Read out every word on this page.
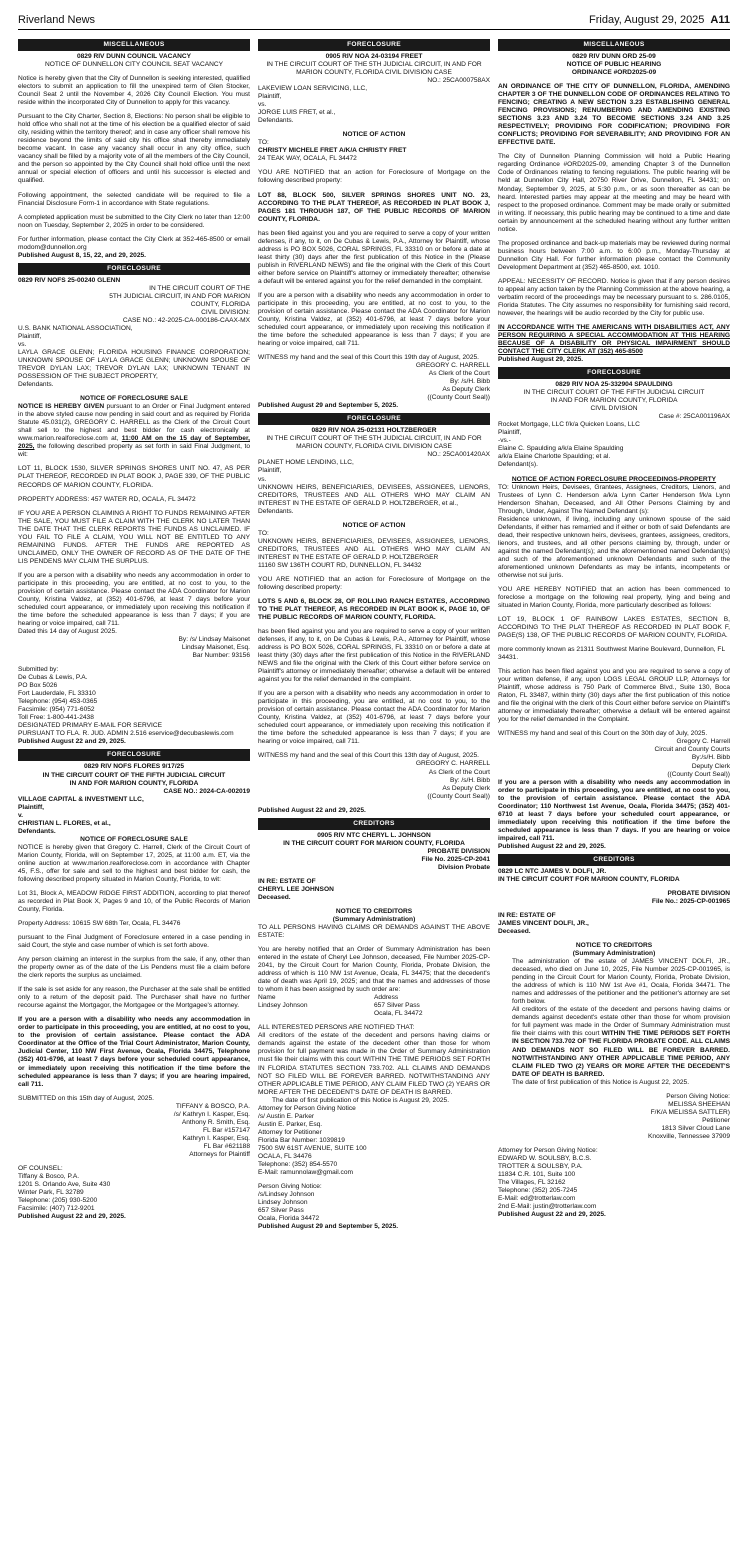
Riverland News	Friday, August 29, 2025 A11
MISCELLANEOUS
0829 RIV DUNN COUNCIL VACANCY
NOTICE OF DUNNELLON CITY COUNCIL SEAT VACANCY

Notice is hereby given that the City of Dunnellon is seeking interested, qualified electors to submit an application to fill the unexpired term of Glen Stocker, Council Seat 2 until the November 4, 2026 City Council Election. You must reside within the incorporated City of Dunnellon to apply for this vacancy.

Pursuant to the City Charter, Section 8, Elections: No person shall be eligible to hold office who shall not at the time of his election be a qualified elector of said city, residing within the territory thereof; and in case any officer shall remove his residence beyond the limits of said city his office shall thereby immediately become vacant. In case any vacancy shall occur in any city office, such vacancy shall be filled by a majority vote of all the members of the City Council, and the person so appointed by the City Council shall hold office until the next annual or special election of officers and until his successor is elected and qualified.

Following appointment, the selected candidate will be required to file a Financial Disclosure Form-1 in accordance with State regulations.

A completed application must be submitted to the City Clerk no later than 12:00 noon on Tuesday, September 2, 2025 in order to be considered.

For further information, please contact the City Clerk at 352-465-8500 or email modom@dunnellon.org
Published August 8, 15, 22, and 29, 2025.
FORECLOSURE
0829 RIV NOFS 25-00240 GLENN
IN THE CIRCUIT COURT OF THE
5TH JUDICIAL CIRCUIT, IN AND FOR MARION
COUNTY, FLORIDA
CIVIL DIVISION:
CASE NO.: 42-2025-CA-000186-CAAX-MX
U.S. BANK NATIONAL ASSOCIATION,
Plaintiff,
vs.
LAYLA GRACE GLENN; FLORIDA HOUSING FINANCE CORPORATION; UNKNOWN SPOUSE OF LAYLA GRACE GLENN; UNKNOWN SPOUSE OF TREVOR DYLAN LAX; TREVOR DYLAN LAX; UNKNOWN TENANT IN POSSESSION OF THE SUBJECT PROPERTY,
Defendants.
NOTICE OF FORECLOSURE SALE

NOTICE IS HEREBY GIVEN pursuant to an Order or Final Judgment entered in the above styled cause now pending in said court and as required by Florida Statute 45.031(2), GREGORY C. HARRELL as the Clerk of the Circuit Court shall sell to the highest and best bidder for cash electronically at www.marion.realforeclose.com at, 11:00 AM on the 15 day of September, 2025, the following described property as set forth in said Final Judgment, to wit:

LOT 11, BLOCK 1530, SILVER SPRINGS SHORES UNIT NO. 47, AS PER PLAT THEREOF, RECORDED IN PLAT BOOK J, PAGE 339, OF THE PUBLIC RECORDS OF MARION COUNTY, FLORIDA.

PROPERTY ADDRESS: 457 WATER RD, OCALA, FL 34472

IF YOU ARE A PERSON CLAIMING A RIGHT TO FUNDS REMAINING AFTER THE SALE, YOU MUST FILE A CLAIM WITH THE CLERK NO LATER THAN THE DATE THAT THE CLERK REPORTS THE FUNDS AS UNCLAIMED. IF YOU FAIL TO FILE A CLAIM, YOU WILL NOT BE ENTITLED TO ANY REMAINING FUNDS. AFTER THE FUNDS ARE REPORTED AS UNCLAIMED, ONLY THE OWNER OF RECORD AS OF THE DATE OF THE LIS PENDENS MAY CLAIM THE SURPLUS.

If you are a person with a disability who needs any accommodation in order to participate in this proceeding, you are entitled, at no cost to you, to the provision of certain assistance. Please contact the ADA Coordinator for Marion County, Kristina Valdez, at (352) 401-6796, at least 7 days before your scheduled court appearance, or immediately upon receiving this notification if the time before the scheduled appearance is less than 7 days; if you are hearing or voice impaired, call 711.
Dated this 14 day of August 2025.
By: /s/ Lindsay Maisonet
Lindsay Maisonet, Esq.
Bar Number: 93156
Submitted by:
De Cubas & Lewis, P.A.
PO Box 5026
Fort Lauderdale, FL 33310
Telephone: (954) 453-0365
Facsimile: (954) 771-6052
Toll Free: 1-800-441-2438
DESIGNATED PRIMARY E-MAIL FOR SERVICE
PURSUANT TO FLA. R. JUD. ADMIN 2.516 eservice@decubaslewis.com
Published August 22 and 29, 2025.
FORECLOSURE
0829 RIV NOFS FLORES 9/17/25
IN THE CIRCUIT COURT OF THE FIFTH JUDICIAL CIRCUIT
IN AND FOR MARION COUNTY, FLORIDA
CASE NO.: 2024-CA-002019
VILLAGE CAPITAL & INVESTMENT LLC,
Plaintiff,
v.
CHRISTIAN L. FLORES, et al.,
Defendants.
NOTICE OF FORECLOSURE SALE

NOTICE is hereby given that Gregory C. Harrell, Clerk of the Circuit Court of Marion County, Florida, will on September 17, 2025, at 11:00 a.m. ET, via the online auction at www.marion.realforeclose.com in accordance with Chapter 45, F.S., offer for sale and sell to the highest and best bidder for cash, the following described property situated in Marion County, Florida, to wit:

Lot 31, Block A, MEADOW RIDGE FIRST ADDITION, according to plat thereof as recorded in Plat Book X, Pages 9 and 10, of the Public Records of Marion County, Florida.

Property Address: 10615 SW 68th Ter, Ocala, FL 34476

pursuant to the Final Judgment of Foreclosure entered in a case pending in said Court, the style and case number of which is set forth above.

Any person claiming an interest in the surplus from the sale, if any, other than the property owner as of the date of the Lis Pendens must file a claim before the clerk reports the surplus as unclaimed.

If the sale is set aside for any reason, the Purchaser at the sale shall be entitled only to a return of the deposit paid. The Purchaser shall have no further recourse against the Mortgagor, the Mortgagee or the Mortgagee's attorney.

If you are a person with a disability who needs any accommodation in order to participate in this proceeding, you are entitled, at no cost to you, to the provision of certain assistance. Please contact the ADA Coordinator at the Office of the Trial Court Administrator, Marion County, Judicial Center, 110 NW First Avenue, Ocala, Florida 34475, Telephone (352) 401-6796, at least 7 days before your scheduled court appearance, or immediately upon receiving this notification if the time before the scheduled appearance is less than 7 days; if you are hearing impaired, call 711.

SUBMITTED on this 15th day of August, 2025.
TIFFANY & BOSCO, P.A.
/s/ Kathryn I. Kasper, Esq.
Anthony R. Smith, Esq.
FL Bar #157147
Kathryn I. Kasper, Esq.
FL Bar #621188
Attorneys for Plaintiff
OF COUNSEL:
Tiffany & Bosco, P.A.
1201 S. Orlando Ave, Suite 430
Winter Park, FL 32789
Telephone: (205) 930-5200
Facsimile: (407) 712-9201
Published August 22 and 29, 2025.
FORECLOSURE
0905 RIV NOA 24-03194 FREET
IN THE CIRCUIT COURT OF THE 5TH JUDICIAL CIRCUIT, IN AND FOR MARION COUNTY, FLORIDA CIVIL DIVISION CASE
NO.: 25CA000758AX
LAKEVIEW LOAN SERVICING, LLC,
Plaintiff,
vs.
JORGE LUIS FRET, et al.,
Defendants.
NOTICE OF ACTION
TO:
CHRISTY MICHELE FRET A/K/A CHRISTY FRET

24 TEAK WAY, OCALA, FL 34472

YOU ARE NOTIFIED that an action for Foreclosure of Mortgage on the following described property:

LOT 88, BLOCK 500, SILVER SPRINGS SHORES UNIT NO. 23, ACCORDING TO THE PLAT THEREOF, AS RECORDED IN PLAT BOOK J, PAGES 181 THROUGH 187, OF THE PUBLIC RECORDS OF MARION COUNTY, FLORIDA.

has been filed against you and you are required to serve a copy of your written defenses, if any, to it, on De Cubas & Lewis, P.A., Attorney for Plaintiff, whose address is PO BOX 5026, CORAL SPRINGS, FL 33310 on or before a date at least thirty (30) days after the first publication of this Notice in the (Please publish in RIVERLAND NEWS) and file the original with the Clerk of this Court either before service on Plaintiff's attorney or immediately thereafter; otherwise a default will be entered against you for the relief demanded in the complaint.

If you are a person with a disability who needs any accommodation in order to participate in this proceeding, you are entitled, at no cost to you, to the provision of certain assistance. Please contact the ADA Coordinator for Marion County, Kristina Valdez, at (352) 401-6796, at least 7 days before your scheduled court appearance, or immediately upon receiving this notification if the time before the scheduled appearance is less than 7 days; if you are hearing or voice impaired, call 711.

WITNESS my hand and the seal of this Court this 19th day of August, 2025.
GREGORY C. HARRELL
As Clerk of the Court
By: /s/H. Bibb
As Deputy Clerk
((County Court Seal))
Published August 29 and September 5, 2025.
FORECLOSURE
0829 RIV NOA 25-02131 HOLTZBERGER
IN THE CIRCUIT COURT OF THE 5TH JUDICIAL CIRCUIT, IN AND FOR MARION COUNTY, FLORIDA CIVIL DIVISION CASE
NO.: 25CA001420AX
PLANET HOME LENDING, LLC,
Plaintiff,
vs.
UNKNOWN HEIRS, BENEFICIARIES, DEVISEES, ASSIGNEES, LIENORS, CREDITORS, TRUSTEES AND ALL OTHERS WHO MAY CLAIM AN INTEREST IN THE ESTATE OF GERALD P. HOLTZBERGER, et al.,
Defendants.
NOTICE OF ACTION
TO:
UNKNOWN HEIRS, BENEFICIARIES, DEVISEES, ASSIGNEES, LIENORS, CREDITORS, TRUSTEES AND ALL OTHERS WHO MAY CLAIM AN INTEREST IN THE ESTATE OF GERALD P. HOLTZBERGER

11160 SW 136TH COURT RD, DUNNELLON, FL 34432

YOU ARE NOTIFIED that an action for Foreclosure of Mortgage on the following described property:

LOTS 5 AND 6, BLOCK 28, OF ROLLING RANCH ESTATES, ACCORDING TO THE PLAT THEREOF, AS RECORDED IN PLAT BOOK K, PAGE 10, OF THE PUBLIC RECORDS OF MARION COUNTY, FLORIDA.

has been filed against you and you are required to serve a copy of your written defenses, if any, to it, on De Cubas & Lewis, P.A., Attorney for Plaintiff, whose address is PO BOX 5026, CORAL SPRINGS, FL 33310 on or before a date at least thirty (30) days after the first publication of this Notice in the RIVERLAND NEWS and file the original with the Clerk of this Court either before service on Plaintiff's attorney or immediately thereafter; otherwise a default will be entered against you for the relief demanded in the complaint.

If you are a person with a disability who needs any accommodation in order to participate in this proceeding, you are entitled, at no cost to you, to the provision of certain assistance. Please contact the ADA Coordinator for Marion County, Kristina Valdez, at (352) 401-6796, at least 7 days before your scheduled court appearance, or immediately upon receiving this notification if the time before the scheduled appearance is less than 7 days; if you are hearing or voice impaired, call 711.

WITNESS my hand and the seal of this Court this 13th day of August, 2025.
GREGORY C. HARRELL
As Clerk of the Court
By: /s/H. Bibb
As Deputy Clerk
((County Court Seal))
Published August 22 and 29, 2025.
CREDITORS
0905 RIV NTC CHERYL L. JOHNSON
IN THE CIRCUIT COURT FOR MARION COUNTY, FLORIDA
PROBATE DIVISION
File No. 2025-CP-2041
Division Probate
IN RE: ESTATE OF
CHERYL LEE JOHNSON
Deceased.
NOTICE TO CREDITORS
(Summary Administration)

TO ALL PERSONS HAVING CLAIMS OR DEMANDS AGAINST THE ABOVE ESTATE:

You are hereby notified that an Order of Summary Administration has been entered in the estate of Cheryl Lee Johnson, deceased, File Number 2025-CP-2041, by the Circuit Court for Marion County, Florida, Probate Division, the address of which is 110 NW 1st Avenue, Ocala, FL 34475; that the decedent's date of death was April 19, 2025; and that the names and addresses of those to whom it has been assigned by such order are:
Name	Address
Lindsey Johnson	657 Silver Pass
Ocala, FL 34472
ALL INTERESTED PERSONS ARE NOTIFIED THAT:
All creditors of the estate of the decedent and persons having claims or demands against the estate of the decedent other than those for whom provision for full payment was made in the Order of Summary Administration must file their claims with this court WITHIN THE TIME PERIODS SET FORTH IN FLORIDA STATUTES SECTION 733.702. ALL CLAIMS AND DEMANDS NOT SO FILED WILL BE FOREVER BARRED. NOTWITHSTANDING ANY OTHER APPLICABLE TIME PERIOD, ANY CLAIM FILED TWO (2) YEARS OR MORE AFTER THE DECEDENT'S DATE OF DEATH IS BARRED.
The date of first publication of this Notice is August 29, 2025.
Attorney for Person Giving Notice
/s/ Austin E. Parker
Austin E. Parker, Esq.
Attorney for Petitioner
Florida Bar Number: 1039819
7500 SW 61ST AVENUE, SUITE 100
OCALA, FL 34476
Telephone: (352) 854-5570
E-Mail: ramunnolaw@gmail.com
Person Giving Notice:
/s/Lindsey Johnson
Lindsey Johnson
657 Silver Pass
Ocala, Florida 34472
Published August 29 and September 5, 2025.
MISCELLANEOUS
0829 RIV DUNN ORD 25-09
NOTICE OF PUBLIC HEARING
ORDINANCE #ORD2025-09

AN ORDINANCE OF THE CITY OF DUNNELLON, FLORIDA, AMENDING CHAPTER 3 OF THE DUNNELLON CODE OF ORDINANCES RELATING TO FENCING; CREATING A NEW SECTION 3.23 ESTABLISHING GENERAL FENCING PROVISIONS; RENUMBERING AND AMENDING EXISTING SECTIONS 3.23 AND 3.24 TO BECOME SECTIONS 3.24 AND 3.25 RESPECTIVELY; PROVIDING FOR CODIFICATION; PROVIDING FOR CONFLICTS; PROVIDING FOR SEVERABILITY; AND PROVIDING FOR AN EFFECTIVE DATE.

The City of Dunnellon Planning Commission will hold a Public Hearing regarding Ordinance #ORD2025-09, amending Chapter 3 of the Dunnellon Code of Ordinances relating to fencing regulations. The public hearing will be held at Dunnellon City Hall, 20750 River Drive, Dunnellon, FL 34431; on Monday, September 9, 2025, at 5:30 p.m., or as soon thereafter as can be heard. Interested parties may appear at the meeting and may be heard with respect to the proposed ordinance. Comment may be made orally or submitted in writing. If necessary, this public hearing may be continued to a time and date certain by announcement at the scheduled hearing without any further written notice.

The proposed ordinance and back-up materials may be reviewed during normal business hours between 7:00 a.m. to 6:00 p.m., Monday-Thursday at Dunnellon City Hall. For further information please contact the Community Development Department at (352) 465-8500, ext. 1010.

APPEAL: NECESSITY OF RECORD. Notice is given that if any person desires to appeal any action taken by the Planning Commission at the above hearing, a verbatim record of the proceedings may be necessary pursuant to s. 286.0105, Florida Statutes. The City assumes no responsibility for furnishing said record, however, the hearings will be audio recorded by the City for public use.

IN ACCORDANCE WITH THE AMERICANS WITH DISABILITIES ACT, ANY PERSON REQUIRING A SPECIAL ACCOMMODATION AT THIS HEARING BECAUSE OF A DISABILITY OR PHYSICAL IMPAIRMENT SHOULD CONTACT THE CITY CLERK AT (352) 465-8500
Published August 29, 2025.
FORECLOSURE
0829 RIV NOA 25-332904 SPAULDING
IN THE CIRCUIT COURT OF THE FIFTH JUDICIAL CIRCUIT
IN AND FOR MARION COUNTY, FLORIDA
CIVIL DIVISION
Case #: 25CA001196AX
Rocket Mortgage, LLC f/k/a Quicken Loans, LLC
Plaintiff,
-vs.-
Elaine C. Spaulding a/k/a Elaine Spaulding
a/k/a Elaine Charlotte Spaulding; et al.
Defendant(s).
NOTICE OF ACTION FORECLOSURE PROCEEDINGS-PROPERTY
TO: Unknown Heirs, Devisees, Grantees, Assignees, Creditors, Lienors, and Trustees of Lynn C. Henderson a/k/a Lynn Carter Henderson f/k/a Lynn Henderson Shahan, Deceased, and All Other Persons Claiming by and Through, Under, Against The Named Defendant (s):

Residence unknown, if living, including any unknown spouse of the said Defendants, if either has remarried and if either or both of said Defendants are dead, their respective unknown heirs, devisees, grantees, assignees, creditors, lienors, and trustees, and all other persons claiming by, through, under or against the named Defendant(s); and the aforementioned named Defendant(s) and such of the aforementioned unknown Defendants and such of the aforementioned unknown Defendants as may be infants, incompetents or otherwise not sui juris.

YOU ARE HEREBY NOTIFIED that an action has been commenced to foreclose a mortgage on the following real property, lying and being and situated in Marion County, Florida, more particularly described as follows:

LOT 19, BLOCK 1 OF RAINBOW LAKES ESTATES, SECTION B, ACCORDING TO THE PLAT THEREOF AS RECORDED IN PLAT BOOK F, PAGE(S) 138, OF THE PUBLIC RECORDS OF MARION COUNTY, FLORIDA.

more commonly known as 21311 Southwest Marine Boulevard, Dunnellon, FL 34431.

This action has been filed against you and you are required to serve a copy of your written defense, if any, upon LOGS LEGAL GROUP LLP, Attorneys for Plaintiff, whose address is 750 Park of Commerce Blvd., Suite 130, Boca Raton, FL 33487, within thirty (30) days after the first publication of this notice and file the original with the clerk of this Court either before service on Plaintiff's attorney or immediately thereafter; otherwise a default will be entered against you for the relief demanded in the Complaint.

WITNESS my hand and seal of this Court on the 30th day of July, 2025.
Gregory C. Harrell
Circuit and County Courts
By:/s/H. Bibb
Deputy Clerk
((County Court Seal))
If you are a person with a disability who needs any accommodation in order to participate in this proceeding, you are entitled, at no cost to you, to the provision of certain assistance. Please contact the ADA Coordinator; 110 Northwest 1st Avenue, Ocala, Florida 34475; (352) 401-6710 at least 7 days before your scheduled court appearance, or immediately upon receiving this notification if the time before the scheduled appearance is less than 7 days. If you are hearing or voice impaired, call 711.
Published August 22 and 29, 2025.
CREDITORS
0829 LC NTC JAMES V. DOLFI, JR.
IN THE CIRCUIT COURT FOR MARION COUNTY, FLORIDA
PROBATE DIVISION
File No.: 2025-CP-001965
IN RE: ESTATE OF
JAMES VINCENT DOLFI, JR.,
Deceased.
NOTICE TO CREDITORS
(Summary Administration)
The administration of the estate of JAMES VINCENT DOLFI, JR., deceased, who died on June 10, 2025, File Number 2025-CP-001965, is pending in the Circuit Court for Marion County, Florida, Probate Division, the address of which is 110 NW 1st Ave #1, Ocala, Florida 34471. The names and addresses of the petitioner and the petitioner's attorney are set forth below.
All creditors of the estate of the decedent and persons having claims or demands against decedent's estate other than those for whom provision for full payment was made in the Order of Summary Administration must file their claims with this court WITHIN THE TIME PERIODS SET FORTH IN SECTION 733.702 OF THE FLORIDA PROBATE CODE. ALL CLAIMS AND DEMANDS NOT SO FILED WILL BE FOREVER BARRED. NOTWITHSTANDING ANY OTHER APPLICABLE TIME PERIOD, ANY CLAIM FILED TWO (2) YEARS OR MORE AFTER THE DECEDENT'S DATE OF DEATH IS BARRED.
The date of first publication of this Notice is August 22, 2025.
Person Giving Notice:
MELISSA SHEEHAN
F/K/A MELISSA SATTLER)
Petitioner
1813 Silver Cloud Lane
Knoxville, Tennessee 37909
Attorney for Person Giving Notice:
EDWARD W. SOULSBY, B.C.S.
TROTTER & SOULSBY, P.A.
11834 C.R. 101, Suite 100
The Villages, FL 32162
Telephone: (352) 205-7245
E-Mail: ed@trotterlaw.com
2nd E-Mail: justin@trotterlaw.com
Published August 22 and 29, 2025.
